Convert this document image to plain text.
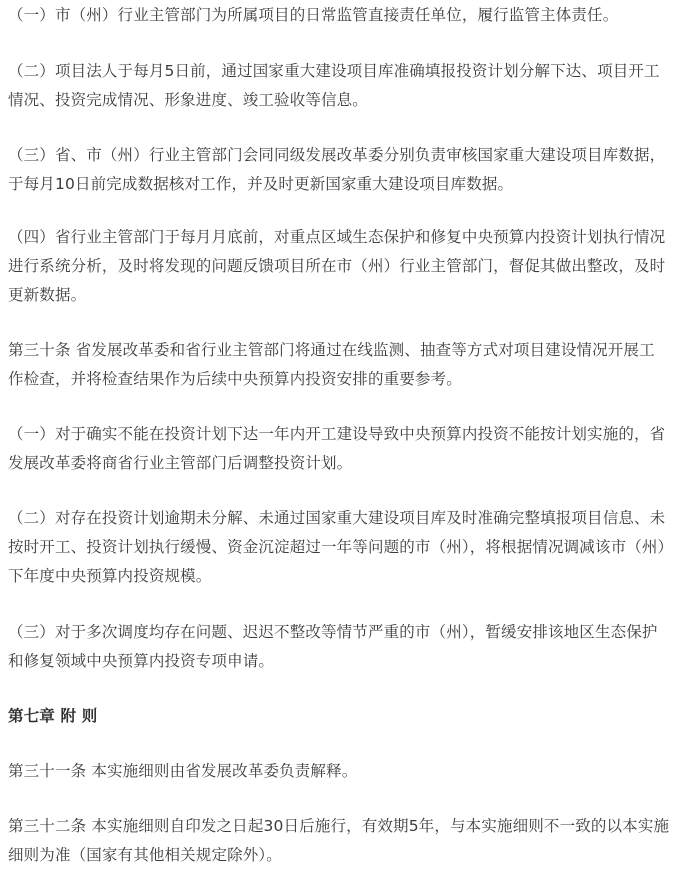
（一）市（州）行业主管部门为所属项目的日常监管直接责任单位，履行监管主体责任。

（二）项目法人于每月5日前，通过国家重大建设项目库准确填报投资计划分解下达、项目开工情况、投资完成情况、形象进度、竣工验收等信息。

（三）省、市（州）行业主管部门会同同级发展改革委分别负责审核国家重大建设项目库数据，于每月10日前完成数据核对工作，并及时更新国家重大建设项目库数据。

（四）省行业主管部门于每月月底前，对重点区域生态保护和修复中央预算内投资计划执行情况进行系统分析，及时将发现的问题反馈项目所在市（州）行业主管部门，督促其做出整改，及时更新数据。

第三十条 省发展改革委和省行业主管部门将通过在线监测、抽查等方式对项目建设情况开展工作检查，并将检查结果作为后续中央预算内投资安排的重要参考。

（一）对于确实不能在投资计划下达一年内开工建设导致中央预算内投资不能按计划实施的，省发展改革委将商省行业主管部门后调整投资计划。

（二）对存在投资计划逾期未分解、未通过国家重大建设项目库及时准确完整填报项目信息、未按时开工、投资计划执行缓慢、资金沉淀超过一年等问题的市（州），将根据情况调减该市（州）下年度中央预算内投资规模。

（三）对于多次调度均存在问题、迟迟不整改等情节严重的市（州），暂缓安排该地区生态保护和修复领域中央预算内投资专项申请。

第七章 附 则

第三十一条 本实施细则由省发展改革委负责解释。

第三十二条 本实施细则自印发之日起30日后施行，有效期5年，与本实施细则不一致的以本实施细则为准（国家有其他相关规定除外）。
